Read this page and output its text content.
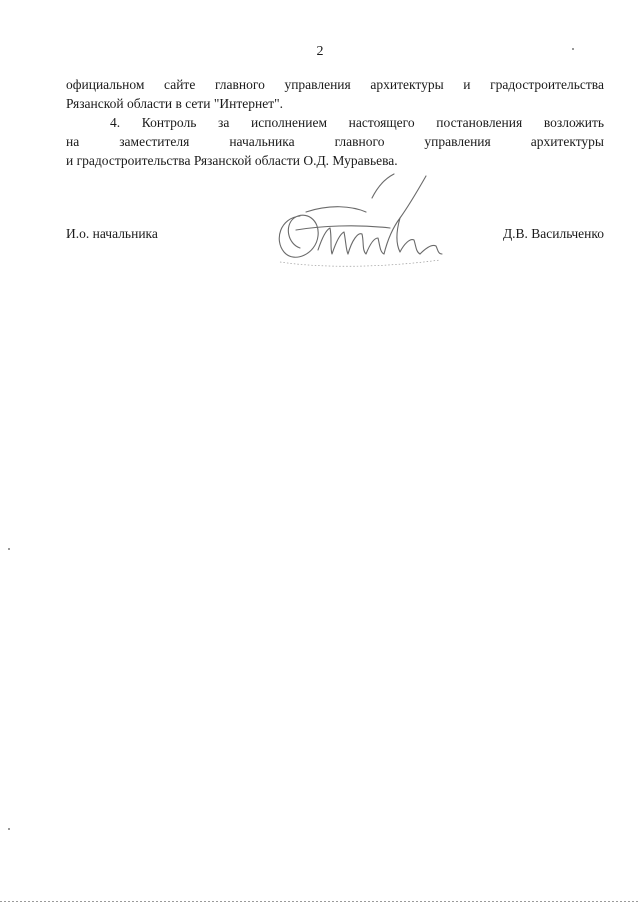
2
официальном сайте главного управления архитектуры и градостроительства
Рязанской области в сети "Интернет".
4. Контроль за исполнением настоящего постановления возложить
на заместителя начальника главного управления архитектуры
и градостроительства Рязанской области О.Д. Муравьева.
И.о. начальника	Д.В. Васильченко
